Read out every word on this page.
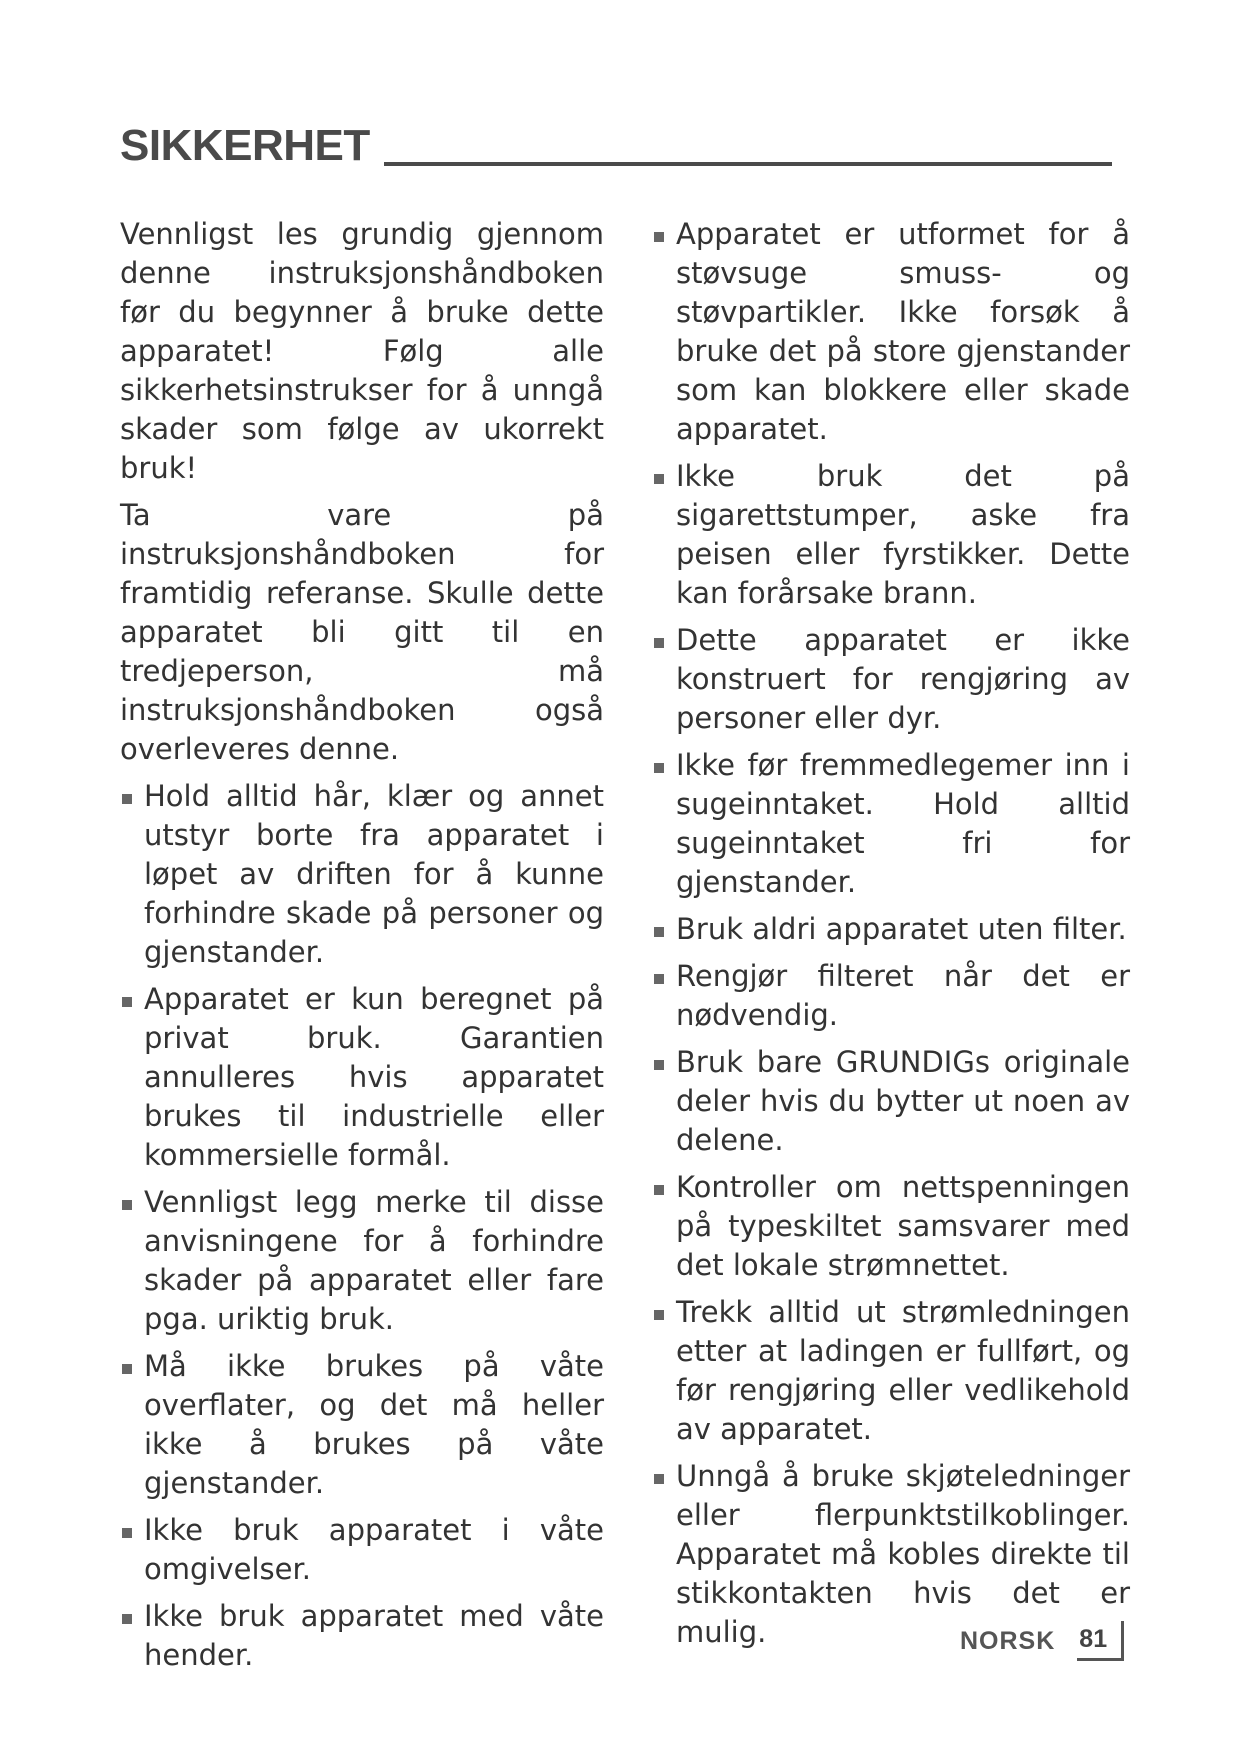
SIKKERHET

Vennligst les grundig gjennom denne instruksjonshåndboken før du begynner å bruke dette apparatet! Følg alle sikkerhetsinstrukser for å unngå skader som følge av ukorrekt bruk!

Ta vare på instruksjonshåndboken for framtidig referanse. Skulle dette apparatet bli gitt til en tredjeperson, må instruksjonshåndboken også overleveres denne.

Hold alltid hår, klær og annet utstyr borte fra apparatet i løpet av driften for å kunne forhindre skade på personer og gjenstander.
Apparatet er kun beregnet på privat bruk. Garantien annulleres hvis apparatet brukes til industrielle eller kommersielle formål.
Vennligst legg merke til disse anvisningene for å forhindre skader på apparatet eller fare pga. uriktig bruk.
Må ikke brukes på våte overflater, og det må heller ikke å brukes på våte gjenstander.
Ikke bruk apparatet i våte omgivelser.
Ikke bruk apparatet med våte hender.
Apparatet er utformet for å støvsuge smuss- og støvpartikler. Ikke forsøk å bruke det på store gjenstander som kan blokkere eller skade apparatet.
Ikke bruk det på sigarettstumper, aske fra peisen eller fyrstikker. Dette kan forårsake brann.
Dette apparatet er ikke konstruert for rengjøring av personer eller dyr.
Ikke før fremmedlegemer inn i sugeinntaket. Hold alltid sugeinntaket fri for gjenstander.
Bruk aldri apparatet uten filter.
Rengjør filteret når det er nødvendig.
Bruk bare GRUNDIGs originale deler hvis du bytter ut noen av delene.
Kontroller om nettspenningen på typeskiltet samsvarer med det lokale strømnettet.
Trekk alltid ut strømledningen etter at ladingen er fullført, og før rengjøring eller vedlikehold av apparatet.
Unngå å bruke skjøteledninger eller flerpunktstilkoblinger. Apparatet må kobles direkte til stikkontakten hvis det er mulig.	NORSK 81
